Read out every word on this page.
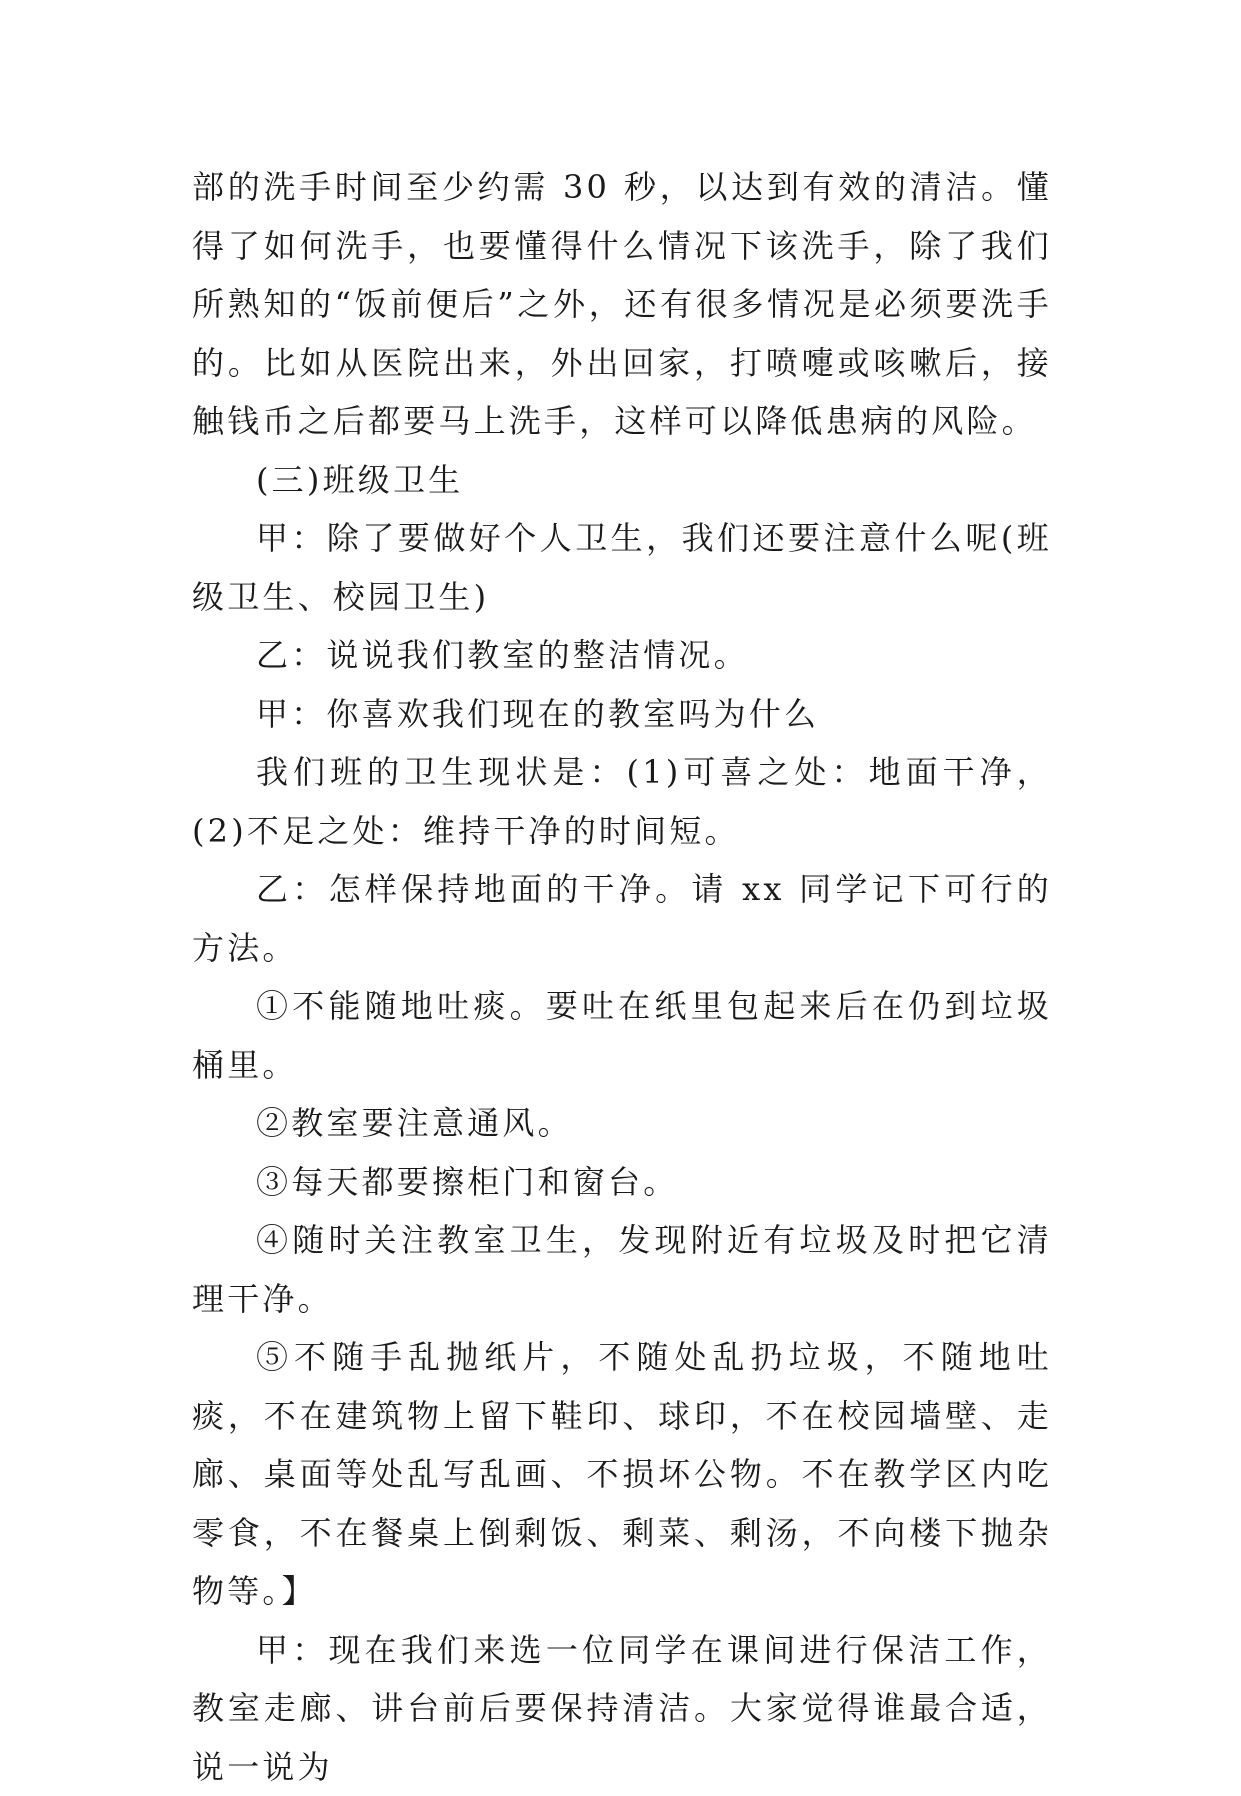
部的洗手时间至少约需 30 秒，以达到有效的清洁。懂得了如何洗手，也要懂得什么情况下该洗手，除了我们所熟知的“饭前便后”之外，还有很多情况是必须要洗手的。比如从医院出来，外出回家，打喷嚏或咳嗽后，接触钱币之后都要马上洗手，这样可以降低患病的风险。

(三)班级卫生

甲：除了要做好个人卫生，我们还要注意什么呢(班级卫生、校园卫生)

乙：说说我们教室的整洁情况。

甲：你喜欢我们现在的教室吗为什么

我们班的卫生现状是：(1)可喜之处：地面干净，(2)不足之处：维持干净的时间短。

乙：怎样保持地面的干净。请 xx 同学记下可行的方法。

①不能随地吐痰。要吐在纸里包起来后在仍到垃圾桶里。

②教室要注意通风。

③每天都要擦柜门和窗台。

④随时关注教室卫生，发现附近有垃圾及时把它清理干净。

⑤不随手乱抛纸片，不随处乱扔垃圾，不随地吐痰，不在建筑物上留下鞋印、球印，不在校园墙壁、走廊、桌面等处乱写乱画、不损坏公物。不在教学区内吃零食，不在餐桌上倒剩饭、剩菜、剩汤，不向楼下抛杂物等。】

甲：现在我们来选一位同学在课间进行保洁工作，教室走廊、讲台前后要保持清洁。大家觉得谁最合适，说一说为
